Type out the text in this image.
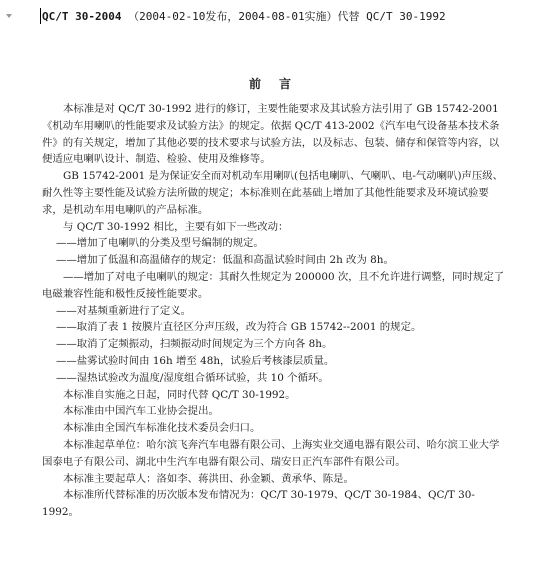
QC/T 30-2004 （2004-02-10发布，2004-08-01实施）代替 QC/T 30-1992
前言

本标准是对 QC/T 30-1992 进行的修订，主要性能要求及其试验方法引用了 GB 15742-2001

《机动车用喇叭的性能要求及试验方法》的规定。依据 QC/T 413-2002《汽车电气设备基本技术条件》的有关规定，增加了其他必要的技术要求与试验方法，以及标志、包装、储存和保管等内容，以便适应电喇叭设计、制造、检验、使用及维修等。

GB 15742-2001 是为保证安全而对机动车用喇叭(包括电喇叭、气喇叭、电-气动喇叭)声压级、耐久性等主要性能及试验方法所做的规定；本标准则在此基础上增加了其他性能要求及环境试验要求，是机动车用电喇叭的产品标准。

与 QC/T 30-1992 相比，主要有如下一些改动：

——增加了电喇叭的分类及型号编制的规定。

——增加了低温和高温储存的规定：低温和高温试验时间由 2h 改为 8h。

——增加了对电子电喇叭的规定：其耐久性规定为 200000 次，且不允许进行调整，同时规定了电磁兼容性能和极性反接性能要求。

——对基频重新进行了定义。

——取消了表 1 按膜片直径区分声压级，改为符合 GB 15742--2001 的规定。

——取消了定频振动，扫频振动时间规定为三个方向各 8h。

——盐雾试验时间由 16h 增至 48h，试验后考核漆层质量。

——湿热试验改为温度/湿度组合循环试验，共 10 个循环。

本标准自实施之日起，同时代替 QC/T 30-1992。

本标准由中国汽车工业协会提出。

本标准由全国汽车标准化技术委员会归口。

本标准起草单位：哈尔滨飞奔汽车电器有限公司、上海实业交通电器有限公司、哈尔滨工业大学国泰电子有限公司、湖北中生汽车电器有限公司、瑞安日正汽车部件有限公司。

本标准主要起草人：洛如李、蒋洪田、孙金颖、黄承华、陈是。

本标准所代替标准的历次版本发布情况为：QC/T 30-1979、QC/T 30-1984、QC/T 30-1992。
